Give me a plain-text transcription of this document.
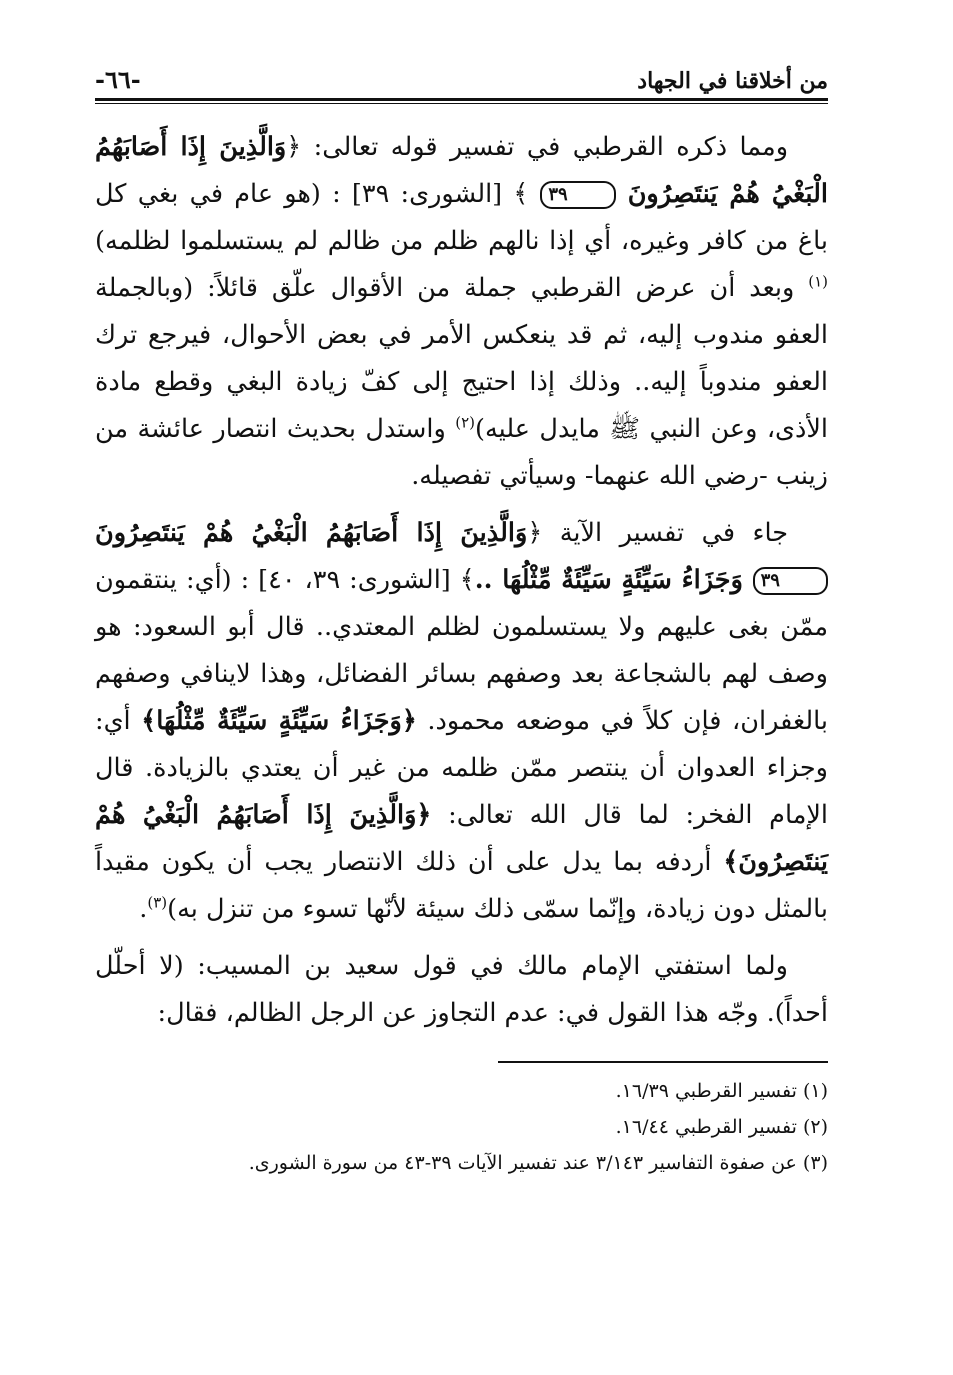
-٦٦-	من أخلاقنا في الجهاد

ومما ذكره القرطبي في تفسير قوله تعالى: ﴿وَالَّذِينَ إِذَا أَصَابَهُمُ الْبَغْيُ هُمْ يَنتَصِرُونَ ٣٩ ﴾ [الشورى: ٣٩] : (هو عام في بغي كل باغ من كافر وغيره، أي إذا نالهم ظلم من ظالم لم يستسلموا لظلمه)$^{(١)}$ وبعد أن عرض القرطبي جملة من الأقوال علّق قائلاً: (وبالجملة العفو مندوب إليه، ثم قد ينعكس الأمر في بعض الأحوال، فيرجع ترك العفو مندوباً إليه.. وذلك إذا احتيج إلى كفّ زيادة البغي وقطع مادة الأذى، وعن النبي ﷺ مايدل عليه)$^{(٢)}$ واستدل بحديث انتصار عائشة من زينب -رضي الله عنهما- وسيأتي تفصيله.

جاء في تفسير الآية ﴿وَالَّذِينَ إِذَا أَصَابَهُمُ الْبَغْيُ هُمْ يَنتَصِرُونَ ٣٩ وَجَزَاءُ سَيِّئَةٍ سَيِّئَةٌ مِّثْلُهَا ..﴾ [الشورى: ٣٩، ٤٠] : (أي: ينتقمون ممّن بغى عليهم ولا يستسلمون لظلم المعتدي.. قال أبو السعود: هو وصف لهم بالشجاعة بعد وصفهم بسائر الفضائل، وهذا لاينافي وصفهم بالغفران، فإن كلاً في موضعه محمود. ﴿وَجَزَاءُ سَيِّئَةٍ سَيِّئَةٌ مِّثْلُهَا﴾ أي: وجزاء العدوان أن ينتصر ممّن ظلمه من غير أن يعتدي بالزيادة. قال الإمام الفخر: لما قال الله تعالى: ﴿وَالَّذِينَ إِذَا أَصَابَهُمُ الْبَغْيُ هُمْ يَنتَصِرُونَ﴾ أردفه بما يدل على أن ذلك الانتصار يجب أن يكون مقيداً بالمثل دون زيادة، وإنّما سمّى ذلك سيئة لأنّها تسوء من تنزل به)$^{(٣)}$.

ولما استفتي الإمام مالك في قول سعيد بن المسيب: (لا أحلّل أحداً). وجّه هذا القول في: عدم التجاوز عن الرجل الظالم، فقال:

(١) تفسير القرطبي ١٦/٣٩.

(٢) تفسير القرطبي ١٦/٤٤.

(٣) عن صفوة التفاسير ٣/١٤٣ عند تفسير الآيات ٣٩-٤٣ من سورة الشورى.
